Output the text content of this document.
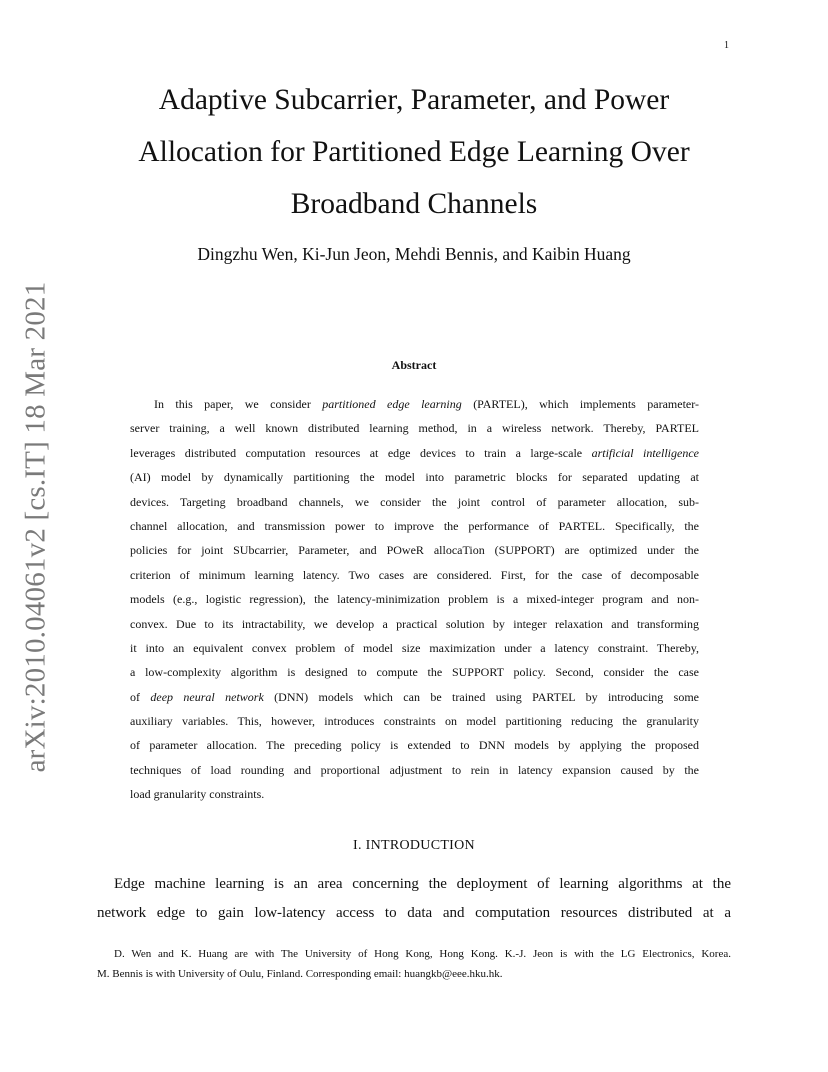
1
Adaptive Subcarrier, Parameter, and Power
Allocation for Partitioned Edge Learning Over
Broadband Channels
Dingzhu Wen, Ki-Jun Jeon, Mehdi Bennis, and Kaibin Huang
arXiv:2010.04061v2 [cs.IT] 18 Mar 2021	Abstract
In this paper, we consider partitioned edge learning (PARTEL), which implements parameter-
server training, a well known distributed learning method, in a wireless network. Thereby, PARTEL
leverages distributed computation resources at edge devices to train a large-scale artificial intelligence
(AI) model by dynamically partitioning the model into parametric blocks for separated updating at
devices. Targeting broadband channels, we consider the joint control of parameter allocation, sub-
channel allocation, and transmission power to improve the performance of PARTEL. Specifically, the
policies for joint SUbcarrier, Parameter, and POweR allocaTion (SUPPORT) are optimized under the
criterion of minimum learning latency. Two cases are considered. First, for the case of decomposable
models (e.g., logistic regression), the latency-minimization problem is a mixed-integer program and non-
convex. Due to its intractability, we develop a practical solution by integer relaxation and transforming
it into an equivalent convex problem of model size maximization under a latency constraint. Thereby,
a low-complexity algorithm is designed to compute the SUPPORT policy. Second, consider the case
of deep neural network (DNN) models which can be trained using PARTEL by introducing some
auxiliary variables. This, however, introduces constraints on model partitioning reducing the granularity
of parameter allocation. The preceding policy is extended to DNN models by applying the proposed
techniques of load rounding and proportional adjustment to rein in latency expansion caused by the
load granularity constraints.
I. INTRODUCTION
Edge machine learning is an area concerning the deployment of learning algorithms at the
network edge to gain low-latency access to data and computation resources distributed at a
D. Wen and K. Huang are with The University of Hong Kong, Hong Kong. K.-J. Jeon is with the LG Electronics, Korea.
M. Bennis is with University of Oulu, Finland. Corresponding email: huangkb@eee.hku.hk.
